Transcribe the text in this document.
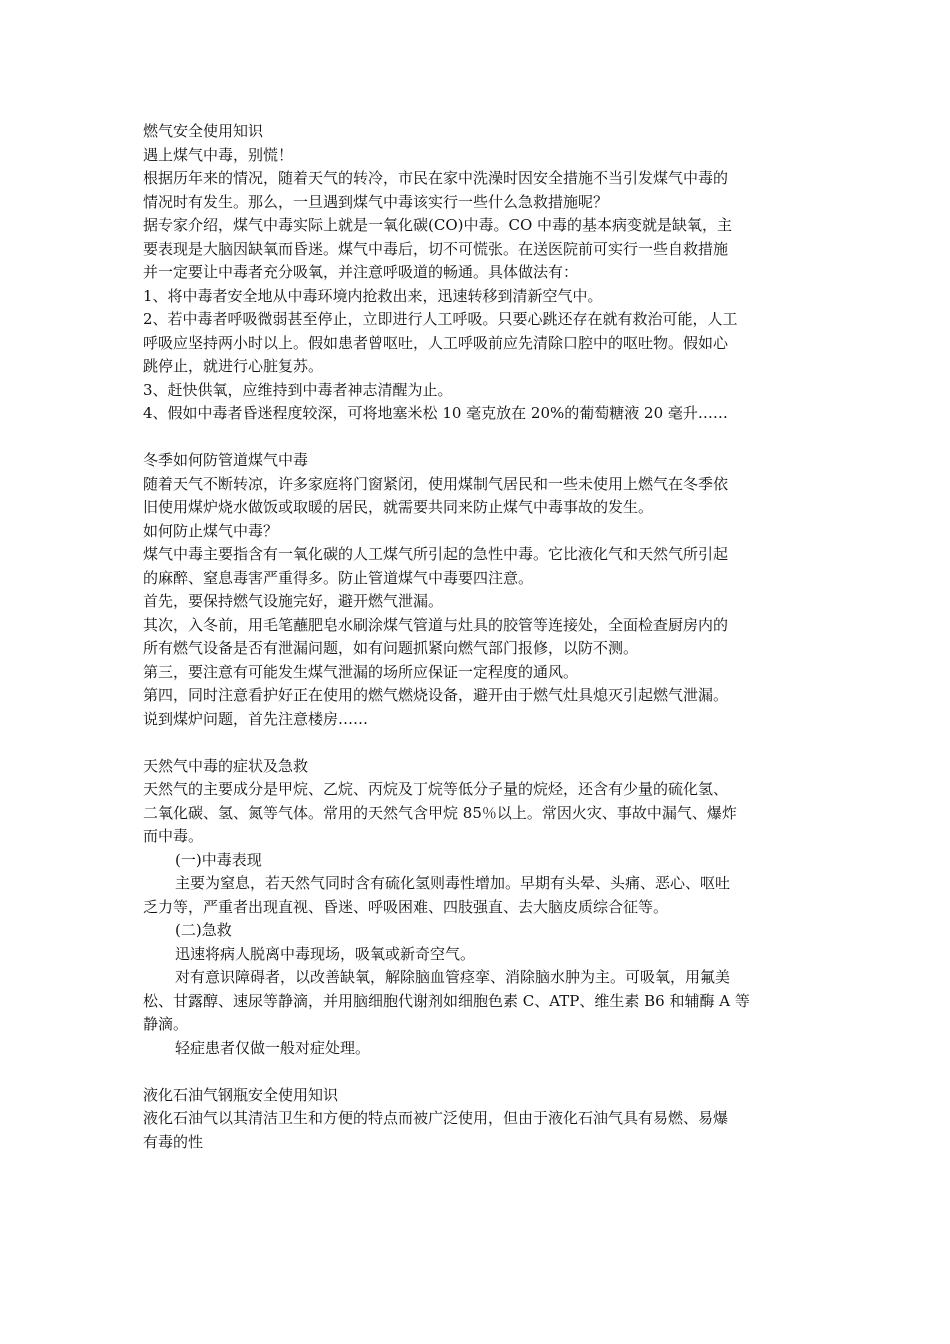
燃气安全使用知识
遇上煤气中毒，别慌！
根据历年来的情况，随着天气的转冷，市民在家中洗澡时因安全措施不当引发煤气中毒的
情况时有发生。那么，一旦遇到煤气中毒该实行一些什么急救措施呢？
据专家介绍，煤气中毒实际上就是一氧化碳(CO)中毒。CO 中毒的基本病变就是缺氧，主
要表现是大脑因缺氧而昏迷。煤气中毒后，切不可慌张。在送医院前可实行一些自救措施
并一定要让中毒者充分吸氧，并注意呼吸道的畅通。具体做法有：
1、将中毒者安全地从中毒环境内抢救出来，迅速转移到清新空气中。
2、若中毒者呼吸微弱甚至停止，立即进行人工呼吸。只要心跳还存在就有救治可能，人工
呼吸应坚持两小时以上。假如患者曾呕吐，人工呼吸前应先清除口腔中的呕吐物。假如心
跳停止，就进行心脏复苏。
3、赶快供氧，应维持到中毒者神志清醒为止。
4、假如中毒者昏迷程度较深，可将地塞米松 10 毫克放在 20%的葡萄糖液 20 毫升……
冬季如何防管道煤气中毒
随着天气不断转凉，许多家庭将门窗紧闭，使用煤制气居民和一些未使用上燃气在冬季依
旧使用煤炉烧水做饭或取暖的居民，就需要共同来防止煤气中毒事故的发生。
如何防止煤气中毒？
煤气中毒主要指含有一氧化碳的人工煤气所引起的急性中毒。它比液化气和天然气所引起
的麻醉、窒息毒害严重得多。防止管道煤气中毒要四注意。
首先，要保持燃气设施完好，避开燃气泄漏。
其次，入冬前，用毛笔蘸肥皂水刷涂煤气管道与灶具的胶管等连接处，全面检查厨房内的
所有燃气设备是否有泄漏问题，如有问题抓紧向燃气部门报修，以防不测。
第三，要注意有可能发生煤气泄漏的场所应保证一定程度的通风。
第四，同时注意看护好正在使用的燃气燃烧设备，避开由于燃气灶具熄灭引起燃气泄漏。
说到煤炉问题，首先注意楼房……
天然气中毒的症状及急救
天然气的主要成分是甲烷、乙烷、丙烷及丁烷等低分子量的烷烃，还含有少量的硫化氢、
二氧化碳、氢、氮等气体。常用的天然气含甲烷 85％以上。常因火灾、事故中漏气、爆炸
而中毒。
(一)中毒表现
主要为窒息，若天然气同时含有硫化氢则毒性增加。早期有头晕、头痛、恶心、呕吐
乏力等，严重者出现直视、昏迷、呼吸困难、四肢强直、去大脑皮质综合征等。
(二)急救
迅速将病人脱离中毒现场，吸氧或新奇空气。
对有意识障碍者，以改善缺氧，解除脑血管痉挛、消除脑水肿为主。可吸氧，用氟美
松、甘露醇、速尿等静滴，并用脑细胞代谢剂如细胞色素 C、ATP、维生素 B6 和辅酶 A 等
静滴。
轻症患者仅做一般对症处理。
液化石油气钢瓶安全使用知识
液化石油气以其清洁卫生和方便的特点而被广泛使用，但由于液化石油气具有易燃、易爆
有毒的性
